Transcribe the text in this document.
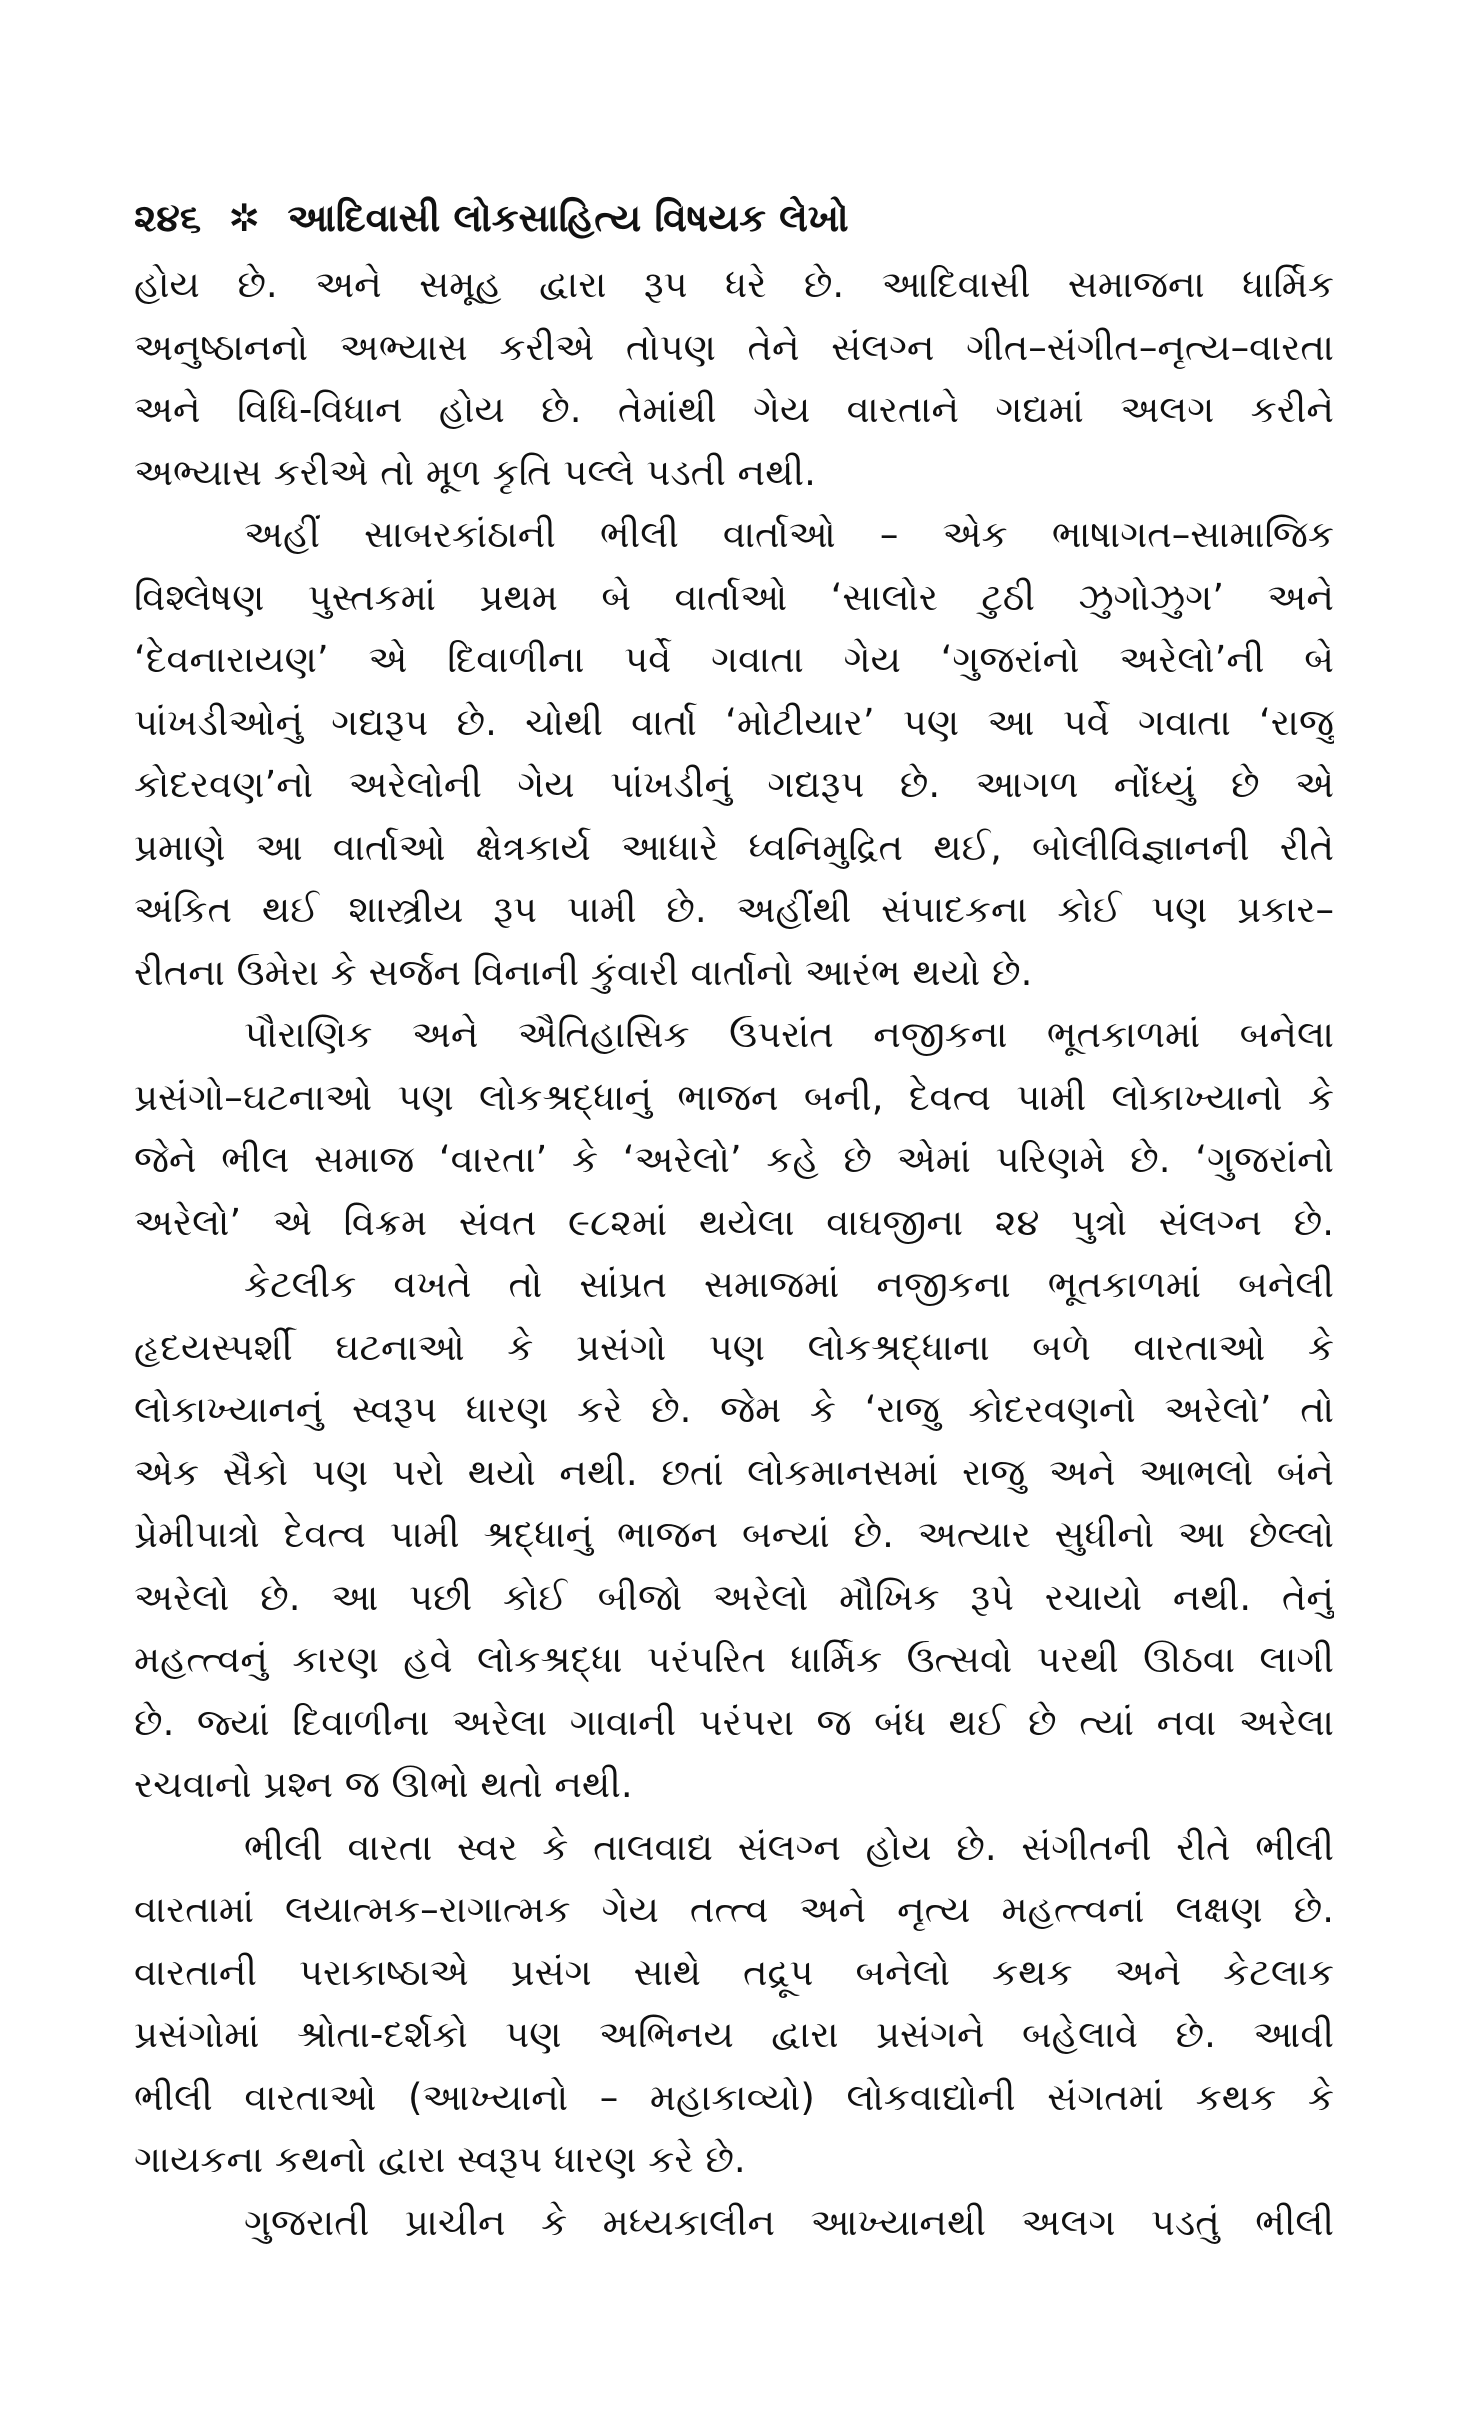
૨૪૬ ✲ આદિવાસી લોકસાહિત્ય વિષયક લેખો
હોય છે. અને સમૂહ દ્વારા રૂપ ધરે છે. આદિવાસી સમાજના ધાર્મિક
અનુષ્ઠાનનો અભ્યાસ કરીએ તોપણ તેને સંલગ્ન ગીત–સંગીત–નૃત્ય–વારતા
અને વિધિ-વિધાન હોય છે. તેમાંથી ગેય વારતાને ગદ્યમાં અલગ કરીને
અભ્યાસ કરીએ તો મૂળ કૃતિ પલ્લે પડતી નથી.
અહીં સાબરકાંઠાની ભીલી વાર્તાઓ – એક ભાષાગત–સામાજિક
વિશ્લેષણ પુસ્તકમાં પ્રથમ બે વાર્તાઓ ‘સાલોર ટુઠી ઝુગોઝુગ’ અને
‘દેવનારાયણ’ એ દિવાળીના પર્વે ગવાતા ગેય ‘ગુજરાંનો અરેલો’ની બે
પાંખડીઓનું ગદ્યરૂપ છે. ચોથી વાર્તા ‘મોટીયાર’ પણ આ પર્વે ગવાતા ‘રાજુ
કોદરવણ’નો અરેલોની ગેય પાંખડીનું ગદ્યરૂપ છે. આગળ નોંધ્યું છે એ
પ્રમાણે આ વાર્તાઓ ક્ષેત્રકાર્ય આધારે ધ્વનિમુદ્રિત થઈ, બોલીવિજ્ઞાનની રીતે
અંકિત થઈ શાસ્ત્રીય રૂપ પામી છે. અહીંથી સંપાદકના કોઈ પણ પ્રકાર–
રીતના ઉમેરા કે સર્જન વિનાની કુંવારી વાર્તાનો આરંભ થયો છે.
પૌરાણિક અને ઐતિહાસિક ઉપરાંત નજીકના ભૂતકાળમાં બનેલા
પ્રસંગો–ઘટનાઓ પણ લોકશ્રદ્ધાનું ભાજન બની, દેવત્વ પામી લોકાખ્યાનો કે
જેને ભીલ સમાજ ‘વારતા’ કે ‘અરેલો’ કહે છે એમાં પરિણમે છે. ‘ગુજરાંનો
અરેલો’ એ વિક્રમ સંવત ૯૮૨માં થયેલા વાઘજીના ૨૪ પુત્રો સંલગ્ન છે.
કેટલીક વખતે તો સાંપ્રત સમાજમાં નજીકના ભૂતકાળમાં બનેલી
હૃદયસ્પર્શી ઘટનાઓ કે પ્રસંગો પણ લોકશ્રદ્ધાના બળે વારતાઓ કે
લોકાખ્યાનનું સ્વરૂપ ધારણ કરે છે. જેમ કે ‘રાજુ કોદરવણનો અરેલો’ તો
એક સૈકો પણ પરો થયો નથી. છતાં લોકમાનસમાં રાજુ અને આભલો બંને
પ્રેમીપાત્રો દેવત્વ પામી શ્રદ્ધાનું ભાજન બન્યાં છે. અત્યાર સુધીનો આ છેલ્લો
અરેલો છે. આ પછી કોઈ બીજો અરેલો મૌખિક રૂપે રચાયો નથી. તેનું
મહત્ત્વનું કારણ હવે લોકશ્રદ્ધા પરંપરિત ધાર્મિક ઉત્સવો પરથી ઊઠવા લાગી
છે. જ્યાં દિવાળીના અરેલા ગાવાની પરંપરા જ બંધ થઈ છે ત્યાં નવા અરેલા
રચવાનો પ્રશ્ન જ ઊભો થતો નથી.
ભીલી વારતા સ્વર કે તાલવાદ્ય સંલગ્ન હોય છે. સંગીતની રીતે ભીલી
વારતામાં લયાત્મક–રાગાત્મક ગેય તત્ત્વ અને નૃત્ય મહત્ત્વનાં લક્ષણ છે.
વારતાની પરાકાષ્ઠાએ પ્રસંગ સાથે તદ્રૂપ બનેલો કથક અને કેટલાક
પ્રસંગોમાં શ્રોતા-દર્શકો પણ અભિનય દ્વારા પ્રસંગને બહેલાવે છે. આવી
ભીલી વારતાઓ (આખ્યાનો – મહાકાવ્યો) લોકવાદ્યોની સંગતમાં કથક કે
ગાયકના કથનો દ્વારા સ્વરૂપ ધારણ કરે છે.
ગુજરાતી પ્રાચીન કે મધ્યકાલીન આખ્યાનથી અલગ પડતું ભીલી
